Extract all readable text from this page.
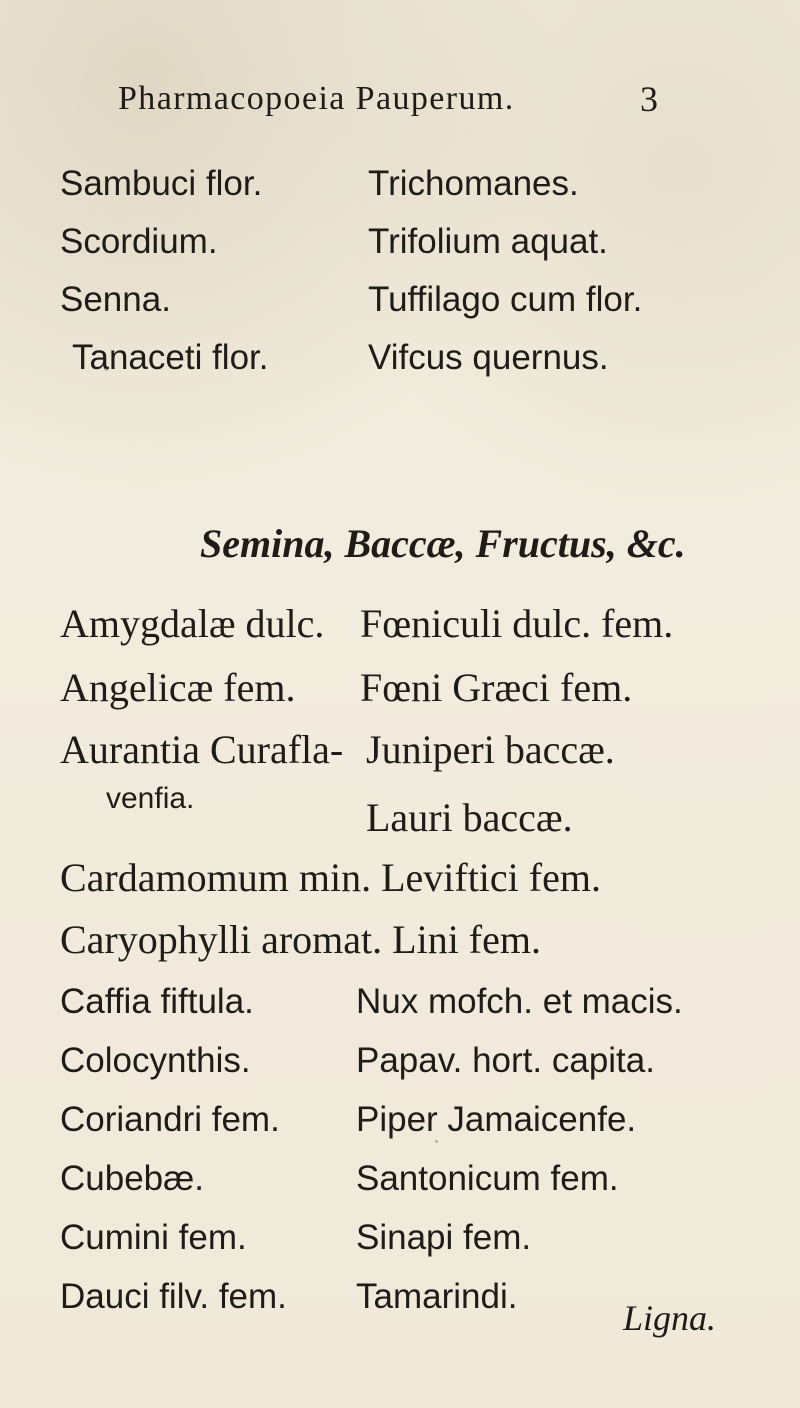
Pharmacopoeia Pauperum.	3
Sambuci flor.
Scordium.
Senna.
Tanaceti flor.
Trichomanes.
Trifolium aquat.
Tuffilago cum flor.
Vifcus quernus.
Semina, Baccæ, Fructus, &c.
Amygdalæ dulc. Fœniculi dulc. fem.
Angelicæ fem. Fœni Græci fem.
Aurantia Curafla- Juniperi baccæ.
venfia.	Lauri baccæ.
Cardamomum min. Leviftici fem.
Caryophylli aromat. Lini fem.
Caffia fiftula.
Colocynthis.
Coriandri fem.
Cubebæ.
Cumini fem.
Dauci filv. fem.
Nux mofch. et macis.
Papav. hort. capita.
Piper Jamaicenfe.
Santonicum fem.
Sinapi fem.
Tamarindi.
Ligna.
